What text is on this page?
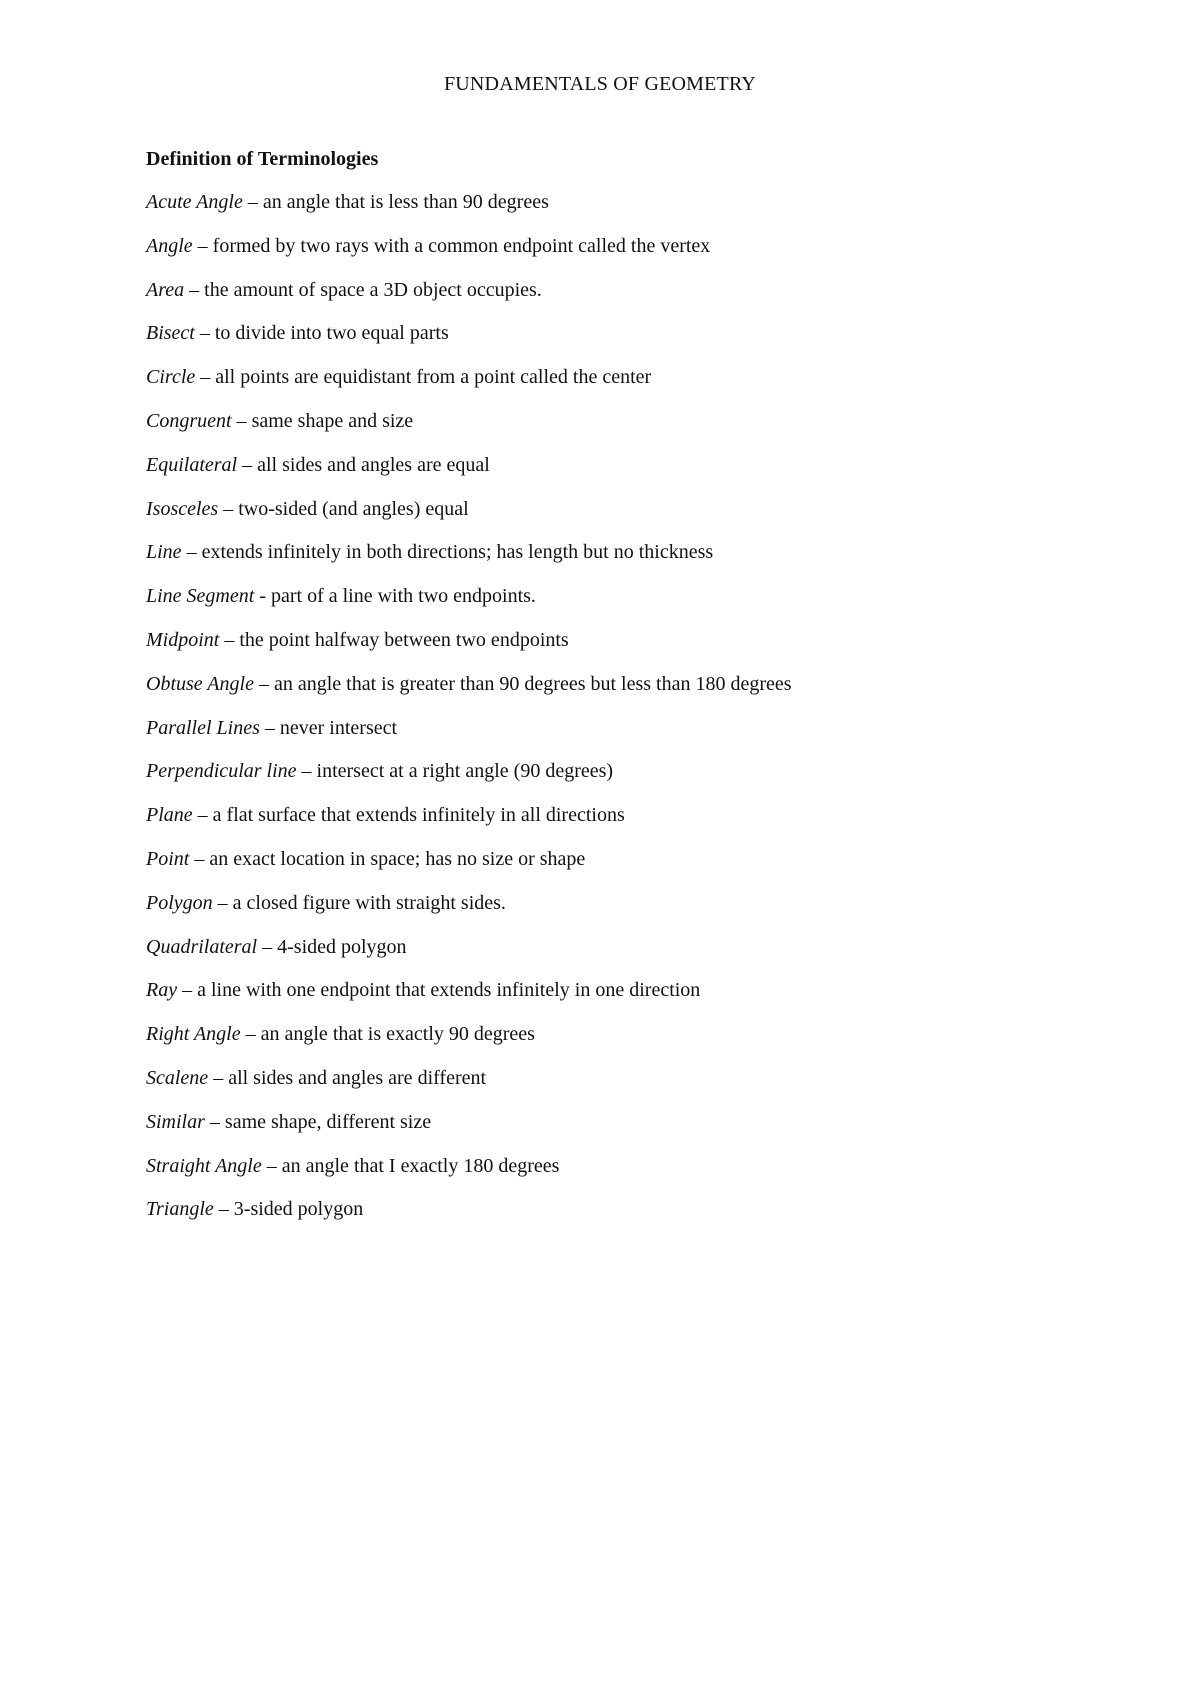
FUNDAMENTALS OF GEOMETRY
Definition of Terminologies
Acute Angle – an angle that is less than 90 degrees
Angle – formed by two rays with a common endpoint called the vertex
Area – the amount of space a 3D object occupies.
Bisect – to divide into two equal parts
Circle – all points are equidistant from a point called the center
Congruent – same shape and size
Equilateral – all sides and angles are equal
Isosceles – two-sided (and angles) equal
Line – extends infinitely in both directions; has length but no thickness
Line Segment - part of a line with two endpoints.
Midpoint – the point halfway between two endpoints
Obtuse Angle – an angle that is greater than 90 degrees but less than 180 degrees
Parallel Lines – never intersect
Perpendicular line – intersect at a right angle (90 degrees)
Plane – a flat surface that extends infinitely in all directions
Point – an exact location in space; has no size or shape
Polygon – a closed figure with straight sides.
Quadrilateral – 4-sided polygon
Ray – a line with one endpoint that extends infinitely in one direction
Right Angle – an angle that is exactly 90 degrees
Scalene – all sides and angles are different
Similar – same shape, different size
Straight Angle – an angle that I exactly 180 degrees
Triangle – 3-sided polygon
